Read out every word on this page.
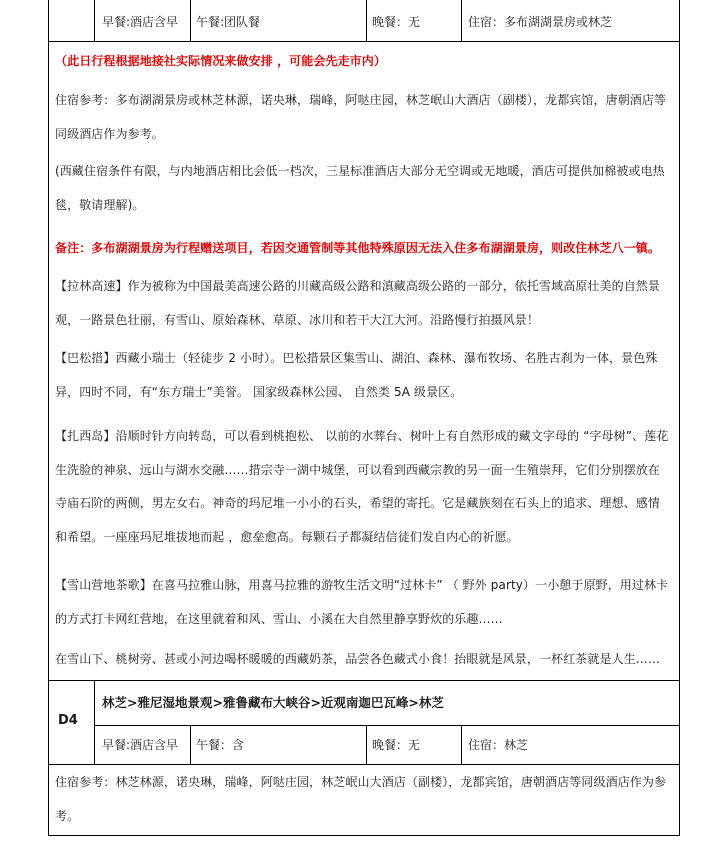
早餐:酒店含早 午餐:团队餐	晚餐：无	住宿：多布湖湖景房或林芝
（此日行程根据地接社实际情况来做安排 ，可能会先走市内）
住宿参考：多布湖湖景房或林芝林源，诺央琳，瑞峰，阿哒庄园，林芝岷山大酒店（副楼），龙都宾馆，唐朝酒店等同级酒店作为参考。
(西藏住宿条件有限，与内地酒店相比会低一档次，三星标准酒店大部分无空调或无地暖，酒店可提供加棉被或电热毯，敬请理解)。
备注：多布湖湖景房为行程赠送项目，若因交通管制等其他特殊原因无法入住多布湖湖景房，则改住林芝八一镇。
【拉林高速】作为被称为中国最美高速公路的川藏高级公路和滇藏高级公路的一部分，依托雪域高原壮美的自然景观，一路景色壮丽，有雪山、原始森林、草原、冰川和若干大江大河。沿路慢行拍摄风景！
【巴松措】西藏小瑞士（轻徒步 2 小时）。巴松措景区集雪山、湖泊、森林、瀑布牧场、名胜古刹为一体，景色殊异，四时不同，有“东方瑞士”美誉。 国家级森林公园、 自然类 5A 级景区。
【扎西岛】沿顺时针方向转岛，可以看到桃抱松、 以前的水葬台、树叶上有自然形成的藏文字母的 “字母树”、莲花生洗脸的神泉、远山与湖水交融……措宗寺一湖中城堡，可以看到西藏宗教的另一面一生殖崇拜，它们分别摆放在寺庙石阶的两侧，男左女右。神奇的玛尼堆一小小的石头，希望的寄托。它是藏族刻在石头上的追求、理想、感情和希望。一座座玛尼堆拔地而起 ，愈垒愈高。每颗石子都凝结信徒们发自内心的祈愿。
【雪山营地茶歌】在喜马拉雅山脉，用喜马拉雅的游牧生活文明“过林卡” （ 野外 party）一小憩于原野，用过林卡的方式打卡网红营地，在这里就着和风、雪山、小溪在大自然里静享野炊的乐趣……
在雪山下、桃树旁、甚或小河边喝杯暖暖的西藏奶茶，品尝各色藏式小食！抬眼就是风景，一杯红茶就是人生……
D4
林芝>雅尼湿地景观>雅鲁藏布大峡谷>近观南迦巴瓦峰>林芝
早餐:酒店含早 午餐：含	晚餐：无	住宿：林芝
住宿参考：林芝林源，诺央琳，瑞峰，阿哒庄园，林芝岷山大酒店（副楼），龙都宾馆，唐朝酒店等同级酒店作为参考。
